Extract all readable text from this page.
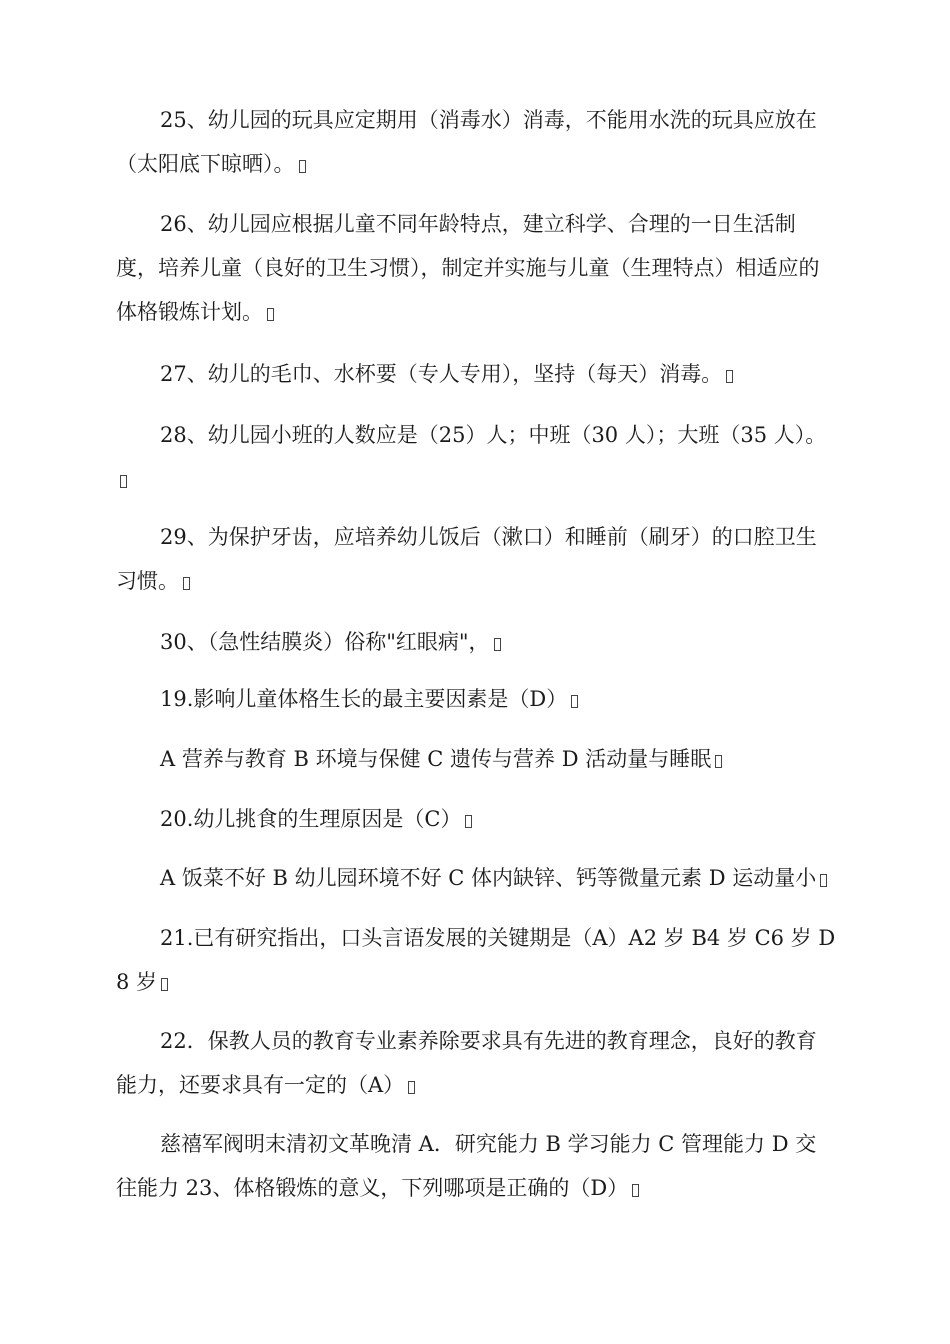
25、幼儿园的玩具应定期用（消毒水）消毒，不能用水洗的玩具应放在（太阳底下晾晒）。

26、幼儿园应根据儿童不同年龄特点，建立科学、合理的一日生活制度，培养儿童（良好的卫生习惯），制定并实施与儿童（生理特点）相适应的体格锻炼计划。

27、幼儿的毛巾、水杯要（专人专用），坚持（每天）消毒。

28、幼儿园小班的人数应是（25）人；中班（30 人）；大班（35 人）。

29、为保护牙齿，应培养幼儿饭后（漱口）和睡前（刷牙）的口腔卫生习惯。

30、（急性结膜炎）俗称"红眼病"，

19.影响儿童体格生长的最主要因素是（D）

A 营养与教育 B 环境与保健 C 遗传与营养 D 活动量与睡眠

20.幼儿挑食的生理原因是（C）

A 饭菜不好 B 幼儿园环境不好 C 体内缺锌、钙等微量元素 D 运动量小

21.已有研究指出，口头言语发展的关键期是（A）A2 岁 B4 岁 C6 岁 D8 岁

22．保教人员的教育专业素养除要求具有先进的教育理念，良好的教育能力，还要求具有一定的（A）

慈禧军阀明末清初文革晚清 A．研究能力 B 学习能力 C 管理能力 D 交往能力 23、体格锻炼的意义，下列哪项是正确的（D）
